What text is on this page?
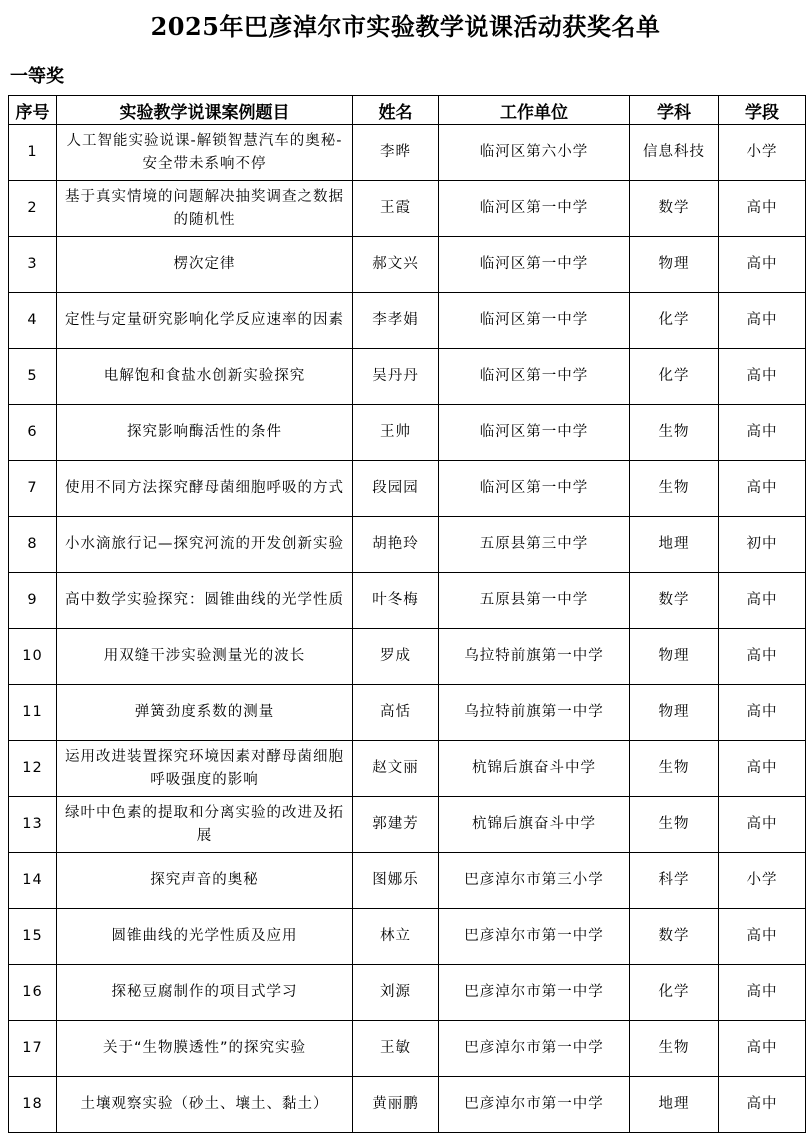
2025年巴彦淖尔市实验教学说课活动获奖名单
一等奖
序号	实验教学说课案例题目	姓名	工作单位	学科	学段
1	人工智能实验说课-解锁智慧汽车的奥秘-安全带未系响不停	李晔	临河区第六小学	信息科技	小学
2	基于真实情境的问题解决抽奖调查之数据的随机性	王霞	临河区第一中学	数学	高中
3	楞次定律	郝文兴	临河区第一中学	物理	高中
4	定性与定量研究影响化学反应速率的因素	李孝娟	临河区第一中学	化学	高中
5	电解饱和食盐水创新实验探究	吴丹丹	临河区第一中学	化学	高中
6	探究影响酶活性的条件	王帅	临河区第一中学	生物	高中
7	使用不同方法探究酵母菌细胞呼吸的方式	段园园	临河区第一中学	生物	高中
8	小水滴旅行记—探究河流的开发创新实验	胡艳玲	五原县第三中学	地理	初中
9	高中数学实验探究：圆锥曲线的光学性质	叶冬梅	五原县第一中学	数学	高中
10	用双缝干涉实验测量光的波长	罗成	乌拉特前旗第一中学	物理	高中
11	弹簧劲度系数的测量	高恬	乌拉特前旗第一中学	物理	高中
12	运用改进装置探究环境因素对酵母菌细胞呼吸强度的影响	赵文丽	杭锦后旗奋斗中学	生物	高中
13	绿叶中色素的提取和分离实验的改进及拓展	郭建芳	杭锦后旗奋斗中学	生物	高中
14	探究声音的奥秘	图娜乐	巴彦淖尔市第三小学	科学	小学
15	圆锥曲线的光学性质及应用	林立	巴彦淖尔市第一中学	数学	高中
16	探秘豆腐制作的项目式学习	刘源	巴彦淖尔市第一中学	化学	高中
17	关于“生物膜透性”的探究实验	王敏	巴彦淖尔市第一中学	生物	高中
18	土壤观察实验（砂土、壤土、黏土）	黄丽鹏	巴彦淖尔市第一中学	地理	高中
